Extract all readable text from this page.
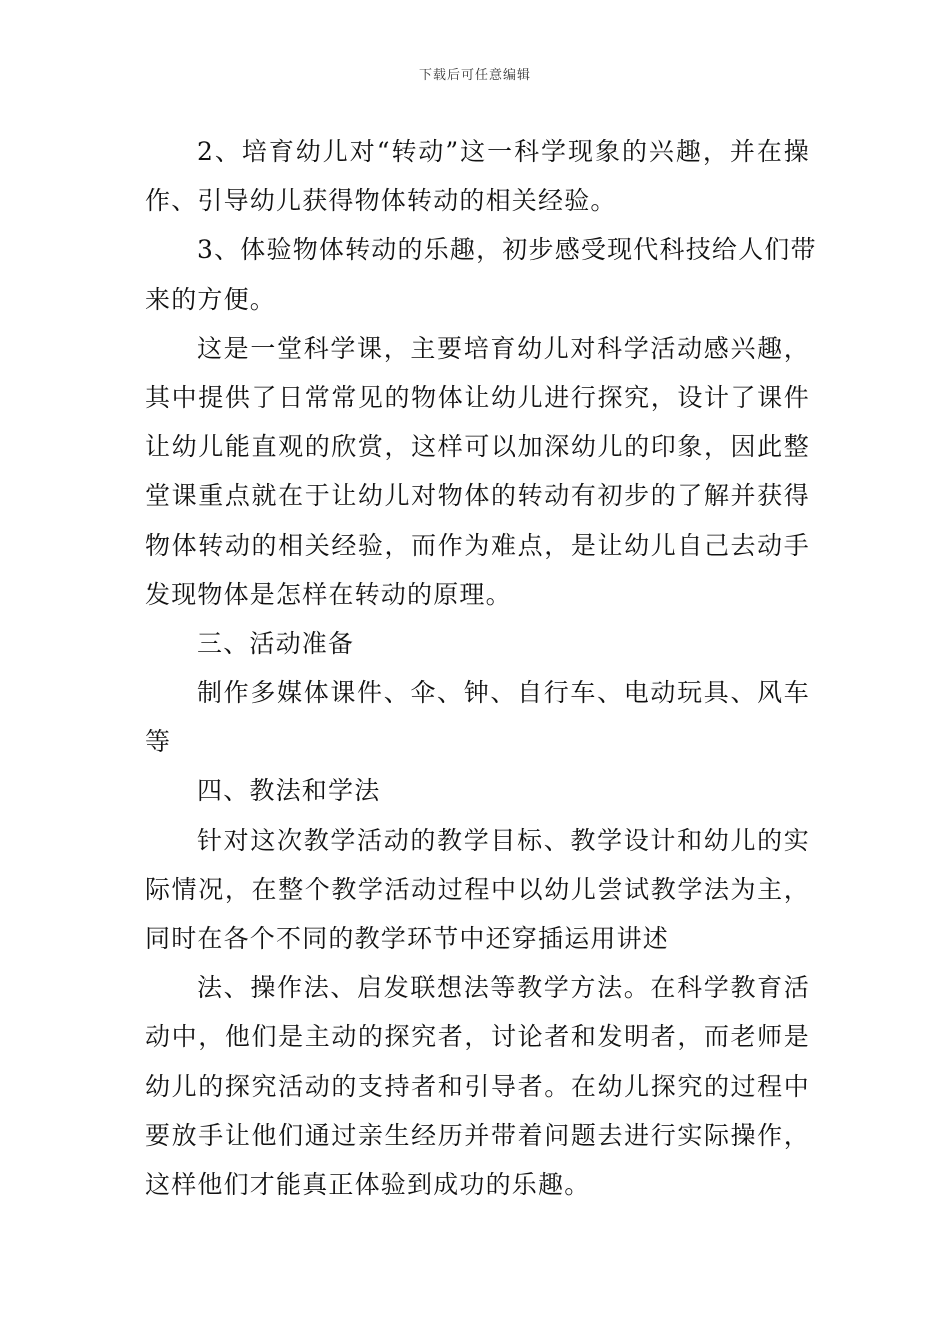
下载后可任意编辑
2、培育幼儿对“转动”这一科学现象的兴趣，并在操
作、引导幼儿获得物体转动的相关经验。
3、体验物体转动的乐趣，初步感受现代科技给人们带
来的方便。
这是一堂科学课，主要培育幼儿对科学活动感兴趣，
其中提供了日常常见的物体让幼儿进行探究，设计了课件
让幼儿能直观的欣赏，这样可以加深幼儿的印象，因此整
堂课重点就在于让幼儿对物体的转动有初步的了解并获得
物体转动的相关经验，而作为难点，是让幼儿自己去动手
发现物体是怎样在转动的原理。
三、活动准备
制作多媒体课件、伞、钟、自行车、电动玩具、风车
等
四、教法和学法
针对这次教学活动的教学目标、教学设计和幼儿的实
际情况，在整个教学活动过程中以幼儿尝试教学法为主，
同时在各个不同的教学环节中还穿插运用讲述
法、操作法、启发联想法等教学方法。在科学教育活
动中，他们是主动的探究者，讨论者和发明者，而老师是
幼儿的探究活动的支持者和引导者。在幼儿探究的过程中
要放手让他们通过亲生经历并带着问题去进行实际操作，
这样他们才能真正体验到成功的乐趣。
